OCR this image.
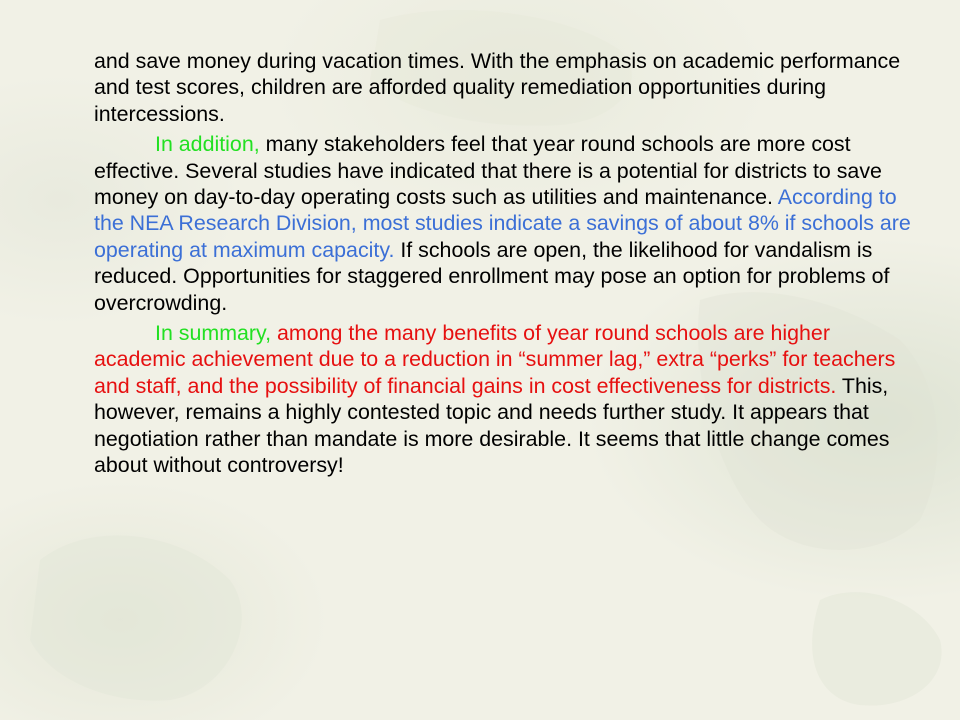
and save money during vacation times. With the emphasis on academic performance and test scores, children are afforded quality remediation opportunities during intercessions.

In addition, many stakeholders feel that year round schools are more cost effective. Several studies have indicated that there is a potential for districts to save money on day-to-day operating costs such as utilities and maintenance. According to the NEA Research Division, most studies indicate a savings of about 8% if schools are operating at maximum capacity. If schools are open, the likelihood for vandalism is reduced. Opportunities for staggered enrollment may pose an option for problems of overcrowding.

In summary, among the many benefits of year round schools are higher academic achievement due to a reduction in “summer lag,” extra “perks” for teachers and staff, and the possibility of financial gains in cost effectiveness for districts. This, however, remains a highly contested topic and needs further study. It appears that negotiation rather than mandate is more desirable. It seems that little change comes about without controversy!
